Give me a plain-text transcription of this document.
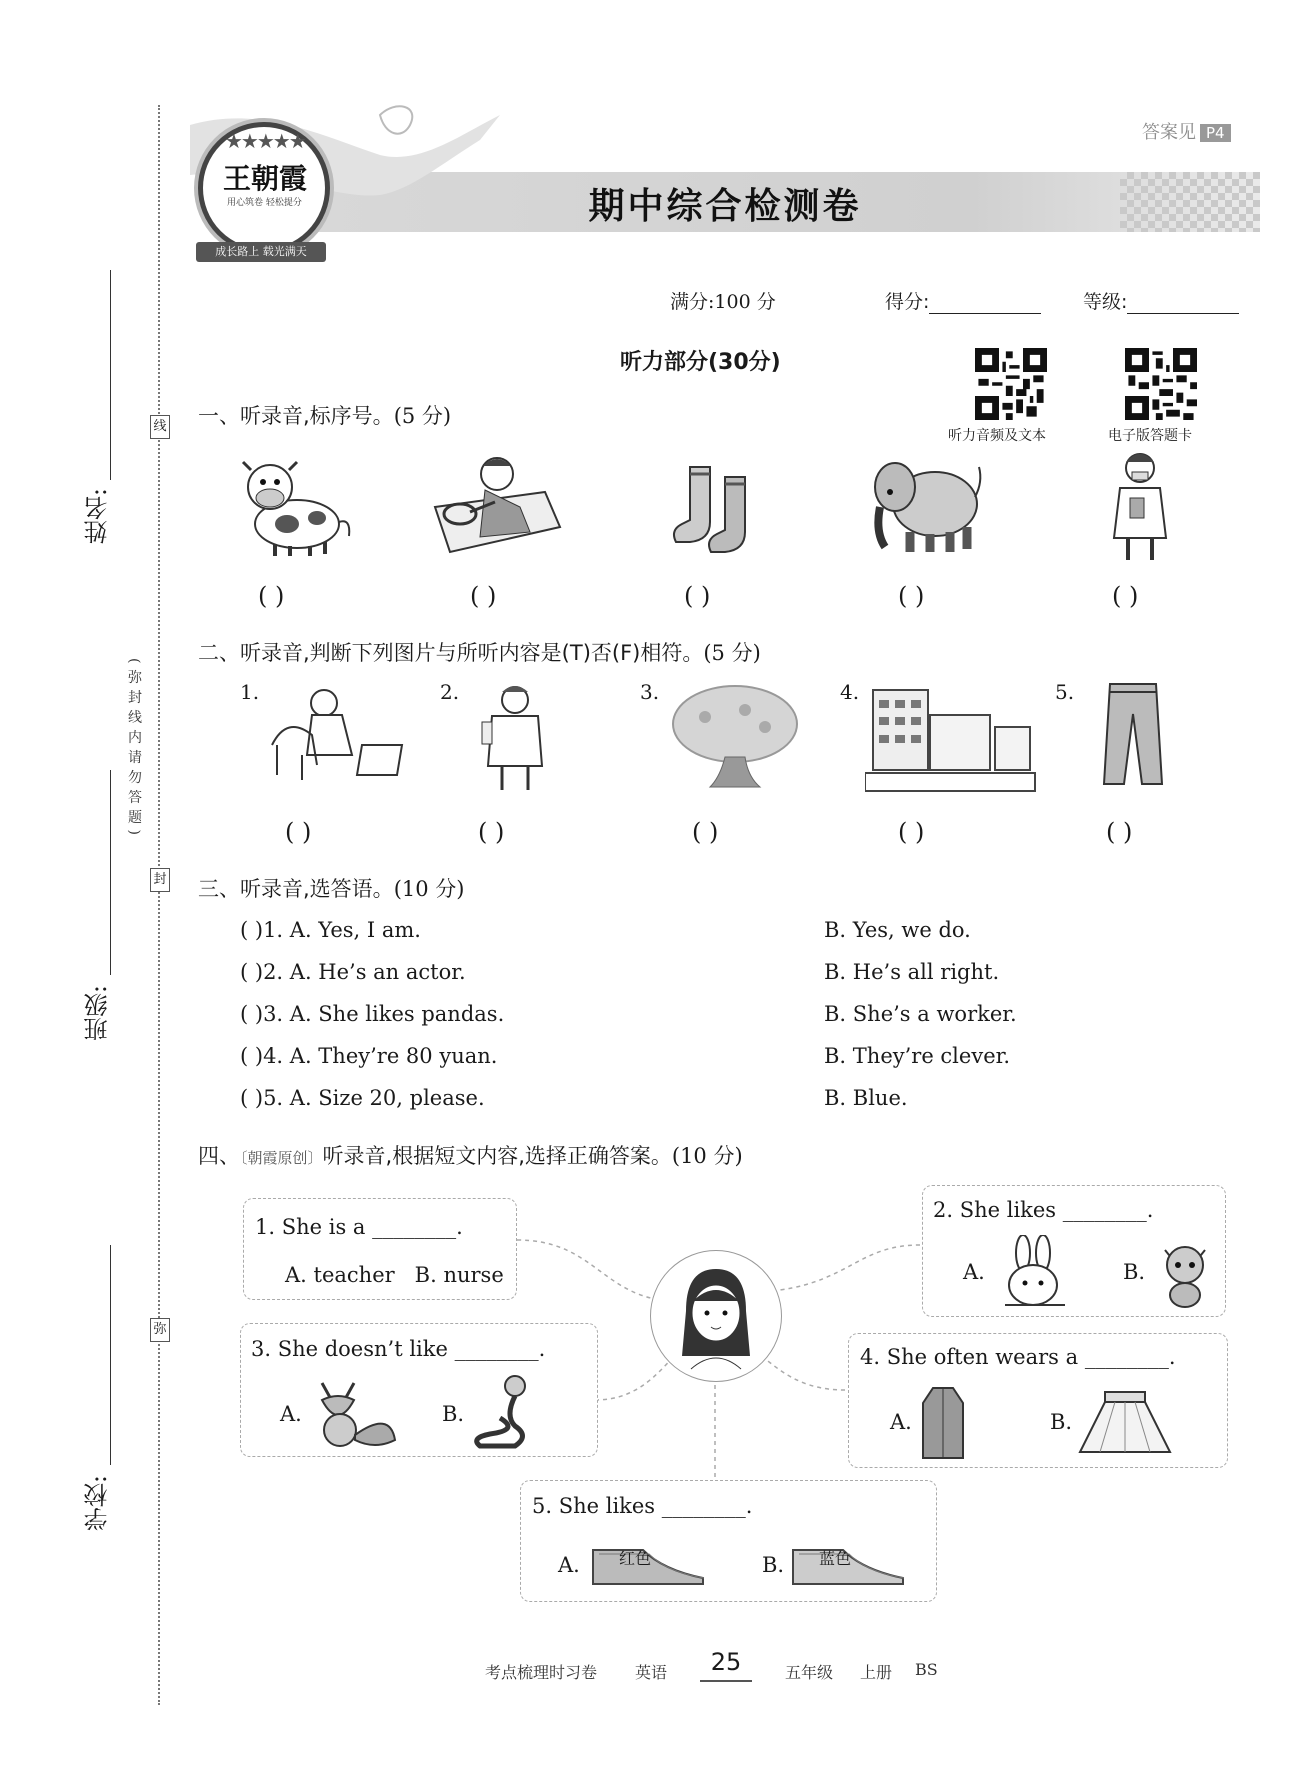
线
封
弥
(弥封线内请勿答题)
姓名:
班级:
学校:
答案见 P4
★★★★★
王朝霞
用心筑卷 轻松提分
成长路上 载光满天
期中综合检测卷
满分:100 分	得分:	等级:
听力部分(30分)
听力音频及文本	电子版答题卡
一、听录音,标序号。(5 分)
( )	( )	( )	( )	( )
二、听录音,判断下列图片与所听内容是(T)否(F)相符。(5 分)
1.	2.	3.	4.	5.
( )	( )	( )	( )	( )
三、听录音,选答语。(10 分)
( )1. A. Yes, I am.	B. Yes, we do.
( )2. A. He’s an actor.	B. He’s all right.
( )3. A. She likes pandas.	B. She’s a worker.
( )4. A. They’re 80 yuan.	B. They’re clever.
( )5. A. Size 20, please.	B. Blue.
四、〔朝霞原创〕听录音,根据短文内容,选择正确答案。(10 分)
1. She is a ________.
A. teacher   B. nurse
2. She likes ________.
A.	B.
3. She doesn’t like ________.
A.	B.
4. She often wears a ________.
A.	B.
5. She likes ________.
A. 红色	B. 蓝色
考点梳理时习卷 英语	25	五年级 上册 BS
